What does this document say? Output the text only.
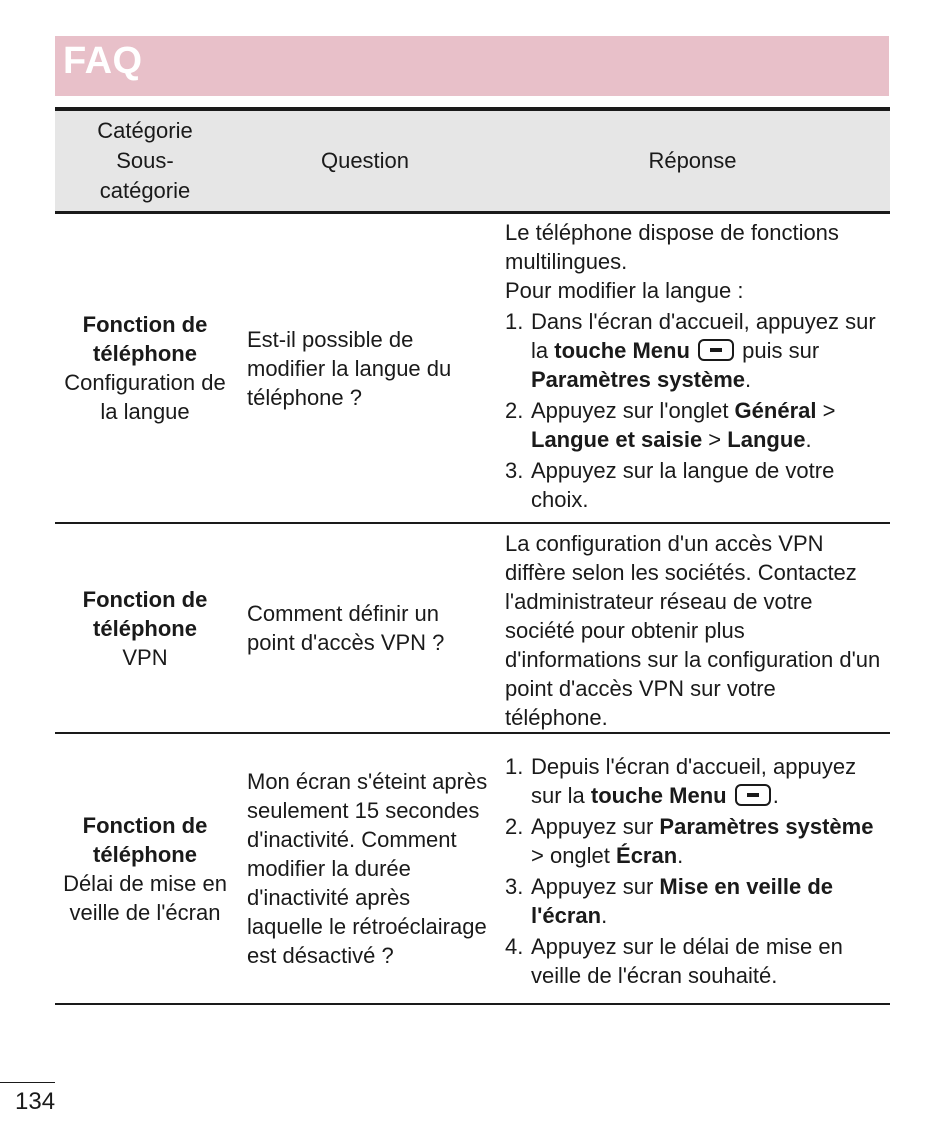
FAQ
Catégorie
Sous-
catégorie
Question	Réponse
Fonction de téléphone
Configuration de la langue
Est-il possible de modifier la langue du téléphone ?

Le téléphone dispose de fonctions multilingues.

Pour modifier la langue :

1. Dans l'écran d'accueil, appuyez sur la touche Menu  puis sur Paramètres système.
2. Appuyez sur l'onglet Général > Langue et saisie > Langue.
3. Appuyez sur la langue de votre choix.
Fonction de téléphone
VPN
Comment définir un point d'accès VPN ?

La configuration d'un accès VPN diffère selon les sociétés. Contactez l'administrateur réseau de votre société pour obtenir plus d'informations sur la configuration d'un point d'accès VPN sur votre téléphone.

Fonction de téléphone
Délai de mise en veille de l'écran
Mon écran s'éteint après seulement 15 secondes d'inactivité. Comment modifier la durée d'inactivité après laquelle le rétroéclairage est désactivé ?
1. Depuis l'écran d'accueil, appuyez sur la touche Menu .
2. Appuyez sur Paramètres système > onglet Écran.
3. Appuyez sur Mise en veille de l'écran.
4. Appuyez sur le délai de mise en veille de l'écran souhaité.
134
